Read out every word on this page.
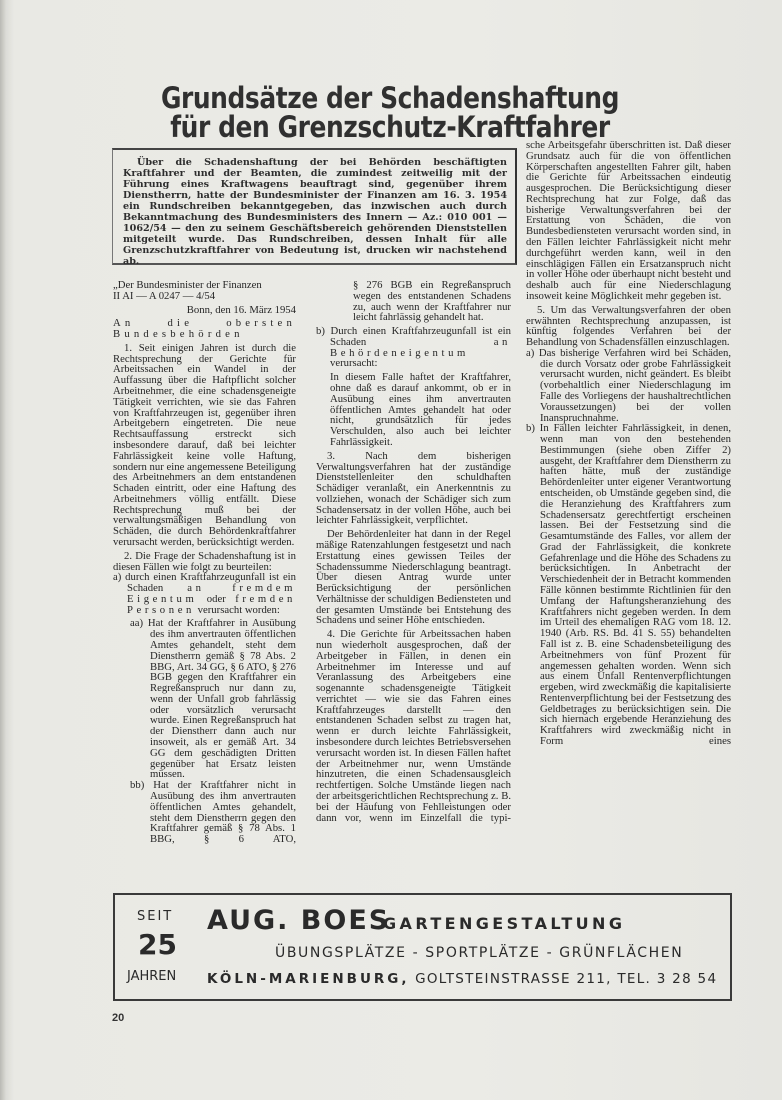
Grundsätze der Schadenshaftung
für den Grenzschutz-Kraftfahrer
Über die Schadenshaftung der bei Behörden beschäftigten Kraftfahrer und der Beamten, die zumindest zeitweilig mit der Führung eines Kraftwagens beauftragt sind, gegenüber ihrem Dienstherrn, hatte der Bundesminister der Finanzen am 16. 3. 1954 ein Rundschreiben bekanntgegeben, das inzwischen auch durch Bekanntmachung des Bundesministers des Innern — Az.: 010 001 — 1062/54 — den zu seinem Geschäftsbereich gehörenden Dienststellen mitgeteilt wurde. Das Rundschreiben, dessen Inhalt für alle Grenzschutzkraftfahrer von Bedeutung ist, drucken wir nachstehend ab.

„Der Bundesminister der Finanzen

II AI — A 0247 — 4/54

Bonn, den 16. März 1954

An die obersten Bundesbehörden

1. Seit einigen Jahren ist durch die Rechtsprechung der Gerichte für Arbeitssachen ein Wandel in der Auffassung über die Haftpflicht solcher Arbeitnehmer, die eine schadensgeneigte Tätigkeit verrichten, wie sie das Fahren von Kraftfahrzeugen ist, gegenüber ihren Arbeitgebern eingetreten. Die neue Rechtsauffassung erstreckt sich insbesondere darauf, daß bei leichter Fahrlässigkeit keine volle Haftung, sondern nur eine angemessene Beteiligung des Arbeitnehmers an dem entstandenen Schaden eintritt, oder eine Haftung des Arbeitnehmers völlig entfällt. Diese Rechtsprechung muß bei der verwaltungsmäßigen Behandlung von Schäden, die durch Behördenkraftfahrer verursacht werden, berücksichtigt werden.

2. Die Frage der Schadenshaftung ist in diesen Fällen wie folgt zu beurteilen:

a) durch einen Kraftfahrzeugunfall ist ein Schaden an fremdem Eigentum oder fremden Personen verursacht worden:

aa) Hat der Kraftfahrer in Ausübung des ihm anvertrauten öffentlichen Amtes gehandelt, steht dem Dienstherrn gemäß § 78 Abs. 2 BBG, Art. 34 GG, § 6 ATO, § 276 BGB gegen den Kraftfahrer ein Regreßanspruch nur dann zu, wenn der Unfall grob fahrlässig oder vorsätzlich verursacht wurde. Einen Regreßanspruch hat der Dienstherr dann auch nur insoweit, als er gemäß Art. 34 GG dem geschädigten Dritten gegenüber hat Ersatz leisten müssen.

bb) Hat der Kraftfahrer nicht in Ausübung des ihm anvertrauten öffentlichen Amtes gehandelt, steht dem Dienstherrn gegen den Kraftfahrer gemäß § 78 Abs. 1 BBG, § 6 ATO,

§ 276 BGB ein Regreßanspruch wegen des entstandenen Schadens zu, auch wenn der Kraftfahrer nur leicht fahrlässig gehandelt hat.

b) Durch einen Kraftfahrzeugunfall ist ein Schaden an Behördeneigentum verursacht:

In diesem Falle haftet der Kraftfahrer, ohne daß es darauf ankommt, ob er in Ausübung eines ihm anvertrauten öffentlichen Amtes gehandelt hat oder nicht, grundsätzlich für jedes Verschulden, also auch bei leichter Fahrlässigkeit.

3. Nach dem bisherigen Verwaltungsverfahren hat der zuständige Dienststellenleiter den schuldhaften Schädiger veranlaßt, ein Anerkenntnis zu vollziehen, wonach der Schädiger sich zum Schadensersatz in der vollen Höhe, auch bei leichter Fahrlässigkeit, verpflichtet.

Der Behördenleiter hat dann in der Regel mäßige Ratenzahlungen festgesetzt und nach Erstattung eines gewissen Teiles der Schadenssumme Niederschlagung beantragt. Über diesen Antrag wurde unter Berücksichtigung der persönlichen Verhältnisse der schuldigen Bediensteten und der gesamten Umstände bei Entstehung des Schadens und seiner Höhe entschieden.

4. Die Gerichte für Arbeitssachen haben nun wiederholt ausgesprochen, daß der Arbeitgeber in Fällen, in denen ein Arbeitnehmer im Interesse und auf Veranlassung des Arbeitgebers eine sogenannte schadensgeneigte Tätigkeit verrichtet — wie sie das Fahren eines Kraftfahrzeuges darstellt — den entstandenen Schaden selbst zu tragen hat, wenn er durch leichte Fahrlässigkeit, insbesondere durch leichtes Betriebsversehen verursacht worden ist. In diesen Fällen haftet der Arbeitnehmer nur, wenn Umstände hinzutreten, die einen Schadensausgleich rechtfertigen. Solche Umstände liegen nach der arbeitsgerichtlichen Rechtsprechung z. B. bei der Häufung von Fehlleistungen oder dann vor, wenn im Einzelfall die typi-

sche Arbeitsgefahr überschritten ist. Daß dieser Grundsatz auch für die von öffentlichen Körperschaften angestellten Fahrer gilt, haben die Gerichte für Arbeitssachen eindeutig ausgesprochen. Die Berücksichtigung dieser Rechtsprechung hat zur Folge, daß das bisherige Verwaltungsverfahren bei der Erstattung von Schäden, die von Bundesbediensteten verursacht worden sind, in den Fällen leichter Fahrlässigkeit nicht mehr durchgeführt werden kann, weil in den einschlägigen Fällen ein Ersatzanspruch nicht in voller Höhe oder überhaupt nicht besteht und deshalb auch für eine Niederschlagung insoweit keine Möglichkeit mehr gegeben ist.

5. Um das Verwaltungsverfahren der oben erwähnten Rechtsprechung anzupassen, ist künftig folgendes Verfahren bei der Behandlung von Schadensfällen einzuschlagen.

a) Das bisherige Verfahren wird bei Schäden, die durch Vorsatz oder grobe Fahrlässigkeit verursacht wurden, nicht geändert. Es bleibt (vorbehaltlich einer Niederschlagung im Falle des Vorliegens der haushaltrechtlichen Voraussetzungen) bei der vollen Inanspruchnahme.

b) In Fällen leichter Fahrlässigkeit, in denen, wenn man von den bestehenden Bestimmungen (siehe oben Ziffer 2) ausgeht, der Kraftfahrer dem Dienstherrn zu haften hätte, muß der zuständige Behördenleiter unter eigener Verantwortung entscheiden, ob Umstände gegeben sind, die die Heranziehung des Kraftfahrers zum Schadensersatz gerechtfertigt erscheinen lassen. Bei der Festsetzung sind die Gesamtumstände des Falles, vor allem der Grad der Fahrlässigkeit, die konkrete Gefahrenlage und die Höhe des Schadens zu berücksichtigen. In Anbetracht der Verschiedenheit der in Betracht kommenden Fälle können bestimmte Richtlinien für den Umfang der Haftungsheranziehung des Kraftfahrers nicht gegeben werden. In dem im Urteil des ehemaligen RAG vom 18. 12. 1940 (Arb. RS. Bd. 41 S. 55) behandelten Fall ist z. B. eine Schadensbeteiligung des Arbeitnehmers von fünf Prozent für angemessen gehalten worden. Wenn sich aus einem Unfall Rentenverpflichtungen ergeben, wird zweckmäßig die kapitalisierte Rentenverpflichtung bei der Festsetzung des Geldbetrages zu berücksichtigen sein. Die sich hiernach ergebende Heranziehung des Kraftfahrers wird zweckmäßig nicht in Form eines

SEIT
25
JAHREN
AUG. BOES
GARTENGESTALTUNG
ÜBUNGSPLÄTZE - SPORTPLÄTZE - GRÜNFLÄCHEN
KÖLN-MARIENBURG, GOLTSTEINSTRASSE 211, TEL. 3 28 54
20
